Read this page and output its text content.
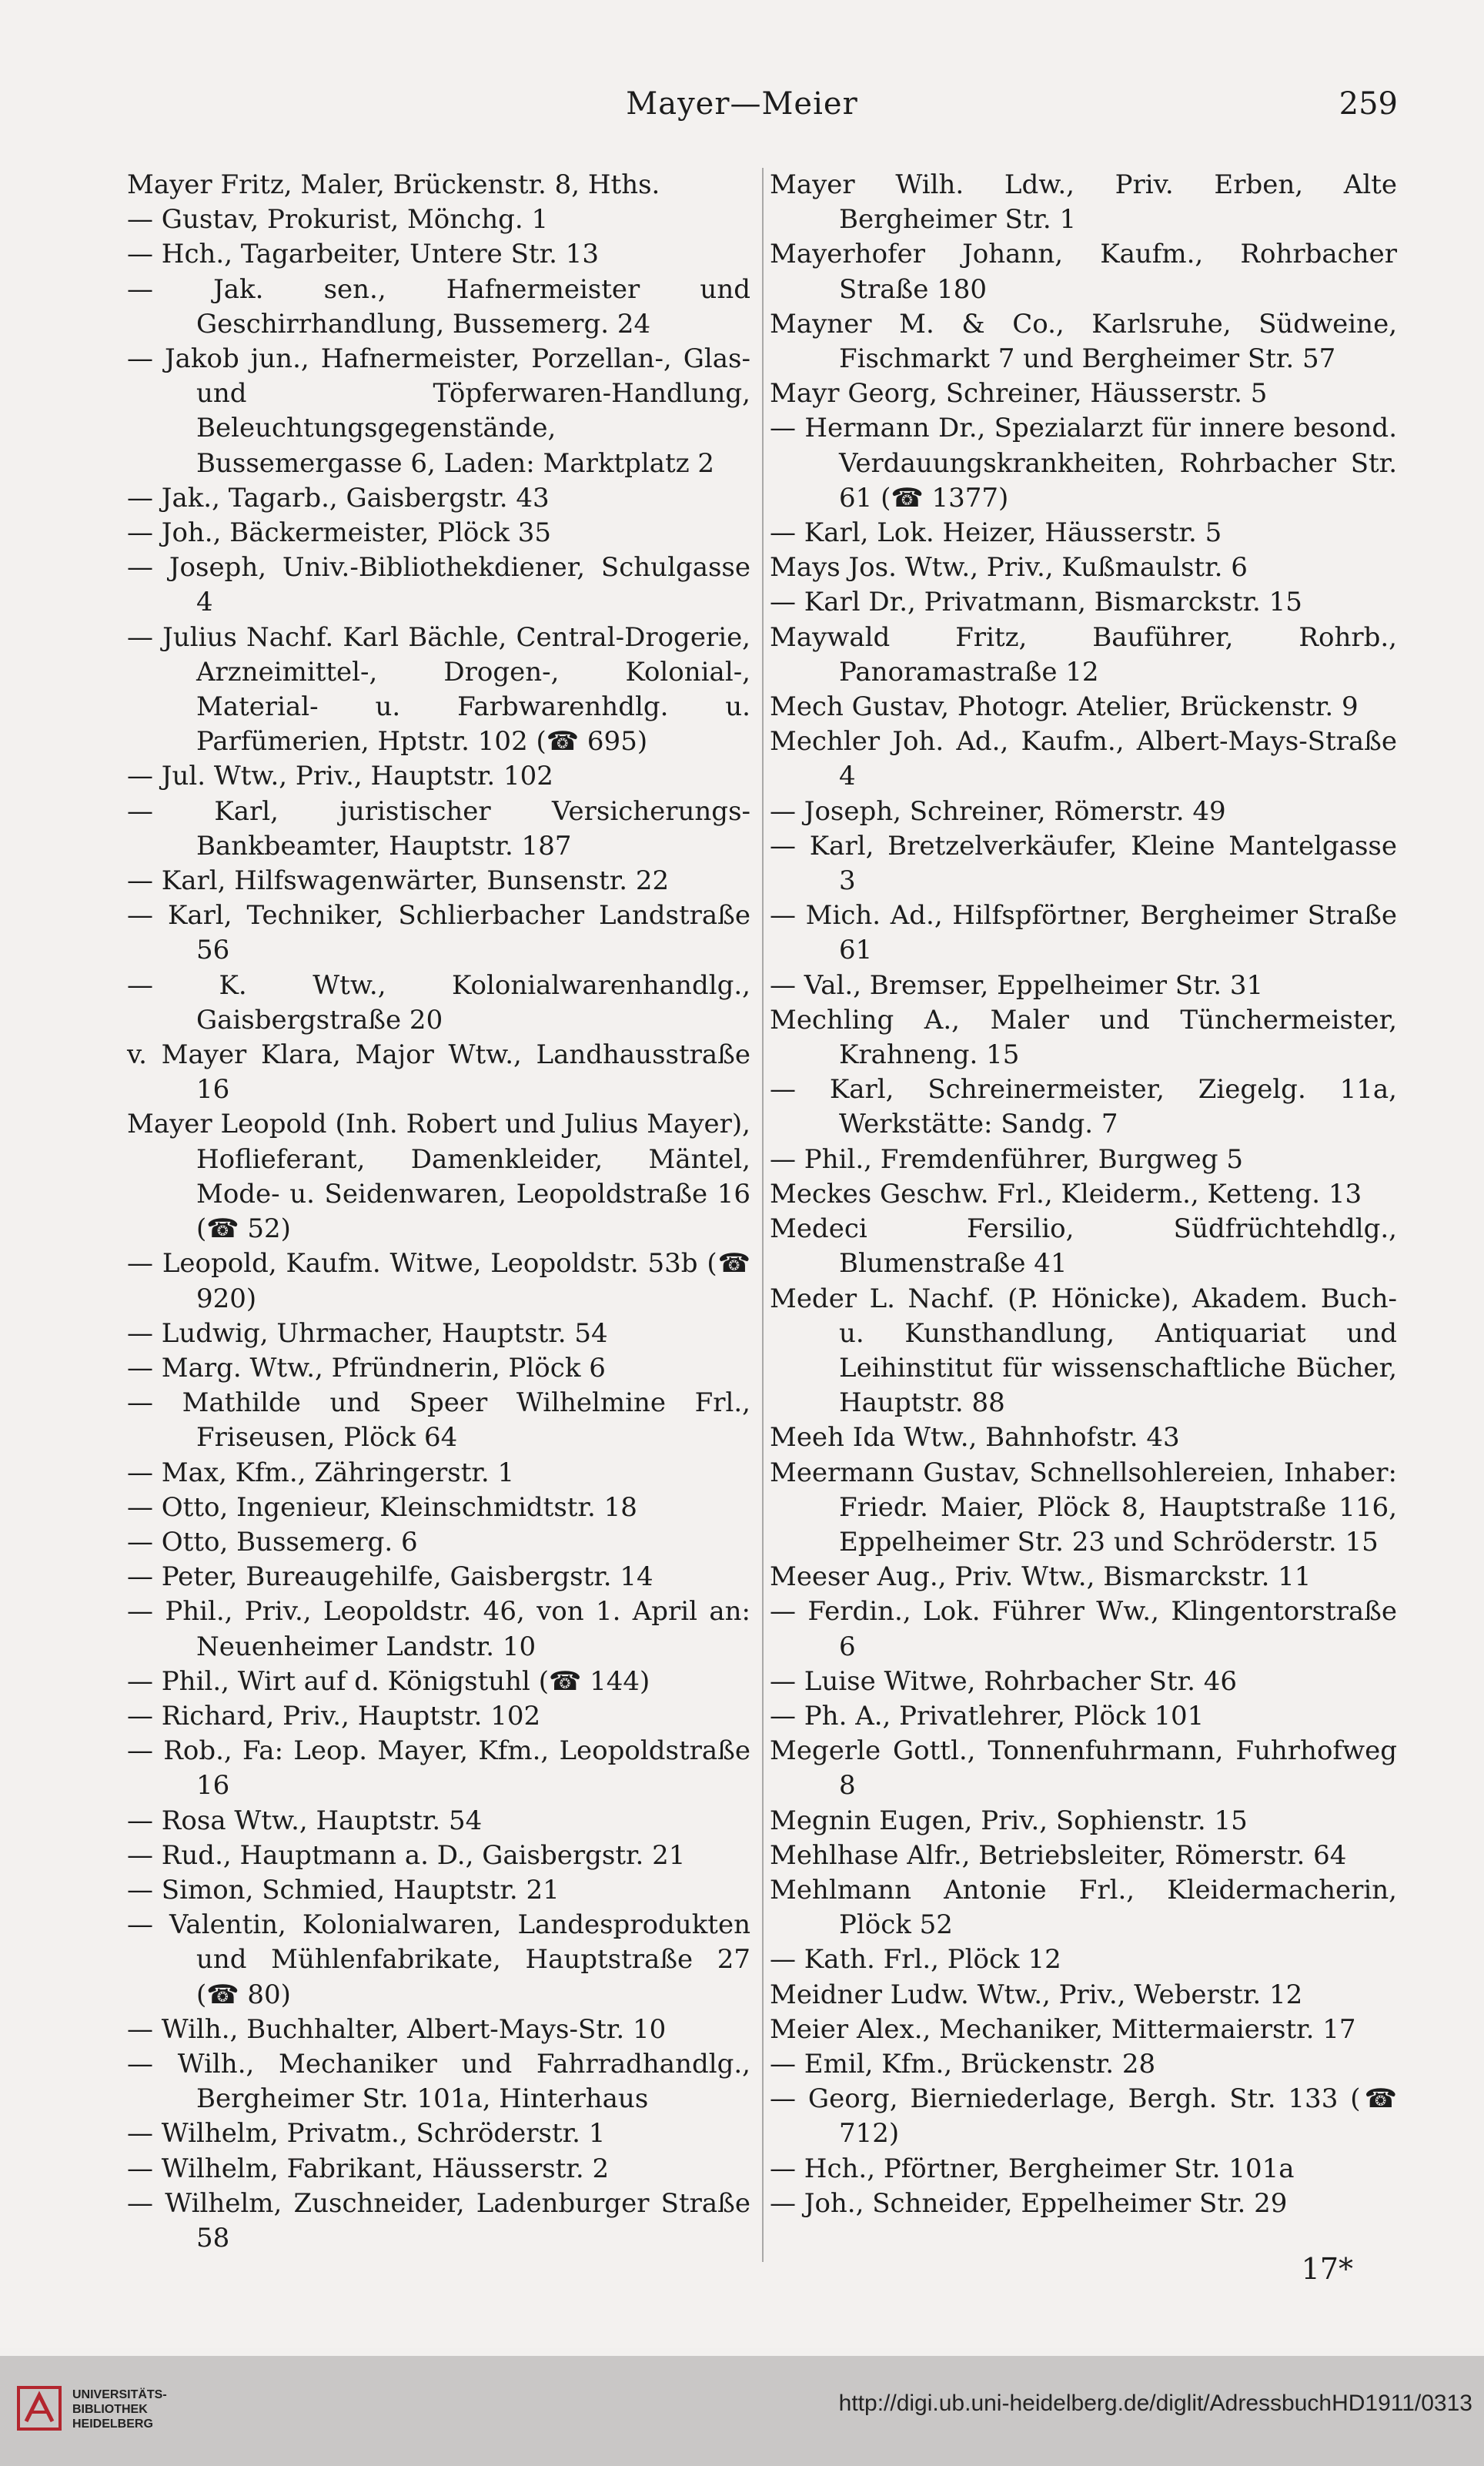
Mayer—Meier	259
Mayer Fritz, Maler, Brückenstr. 8, Hths.
— Gustav, Prokurist, Mönchg. 1
— Hch., Tagarbeiter, Untere Str. 13
— Jak. sen., Hafnermeister und Geschirrhandlung, Bussemerg. 24
— Jakob jun., Hafnermeister, Porzellan-, Glas- und Töpferwaren-Handlung, Beleuchtungsgegenstände, Bussemergasse 6, Laden: Marktplatz 2
— Jak., Tagarb., Gaisbergstr. 43
— Joh., Bäckermeister, Plöck 35
— Joseph, Univ.-Bibliothekdiener, Schulgasse 4
— Julius Nachf. Karl Bächle, Central-Drogerie, Arzneimittel-, Drogen-, Kolonial-, Material- u. Farbwarenhdlg. u. Parfümerien, Hptstr. 102 (☎ 695)
— Jul. Wtw., Priv., Hauptstr. 102
— Karl, juristischer Versicherungs-Bankbeamter, Hauptstr. 187
— Karl, Hilfswagenwärter, Bunsenstr. 22
— Karl, Techniker, Schlierbacher Landstraße 56
— K. Wtw., Kolonialwarenhandlg., Gaisbergstraße 20
v. Mayer Klara, Major Wtw., Landhausstraße 16
Mayer Leopold (Inh. Robert und Julius Mayer), Hoflieferant, Damenkleider, Mäntel, Mode- u. Seidenwaren, Leopoldstraße 16 (☎ 52)
— Leopold, Kaufm. Witwe, Leopoldstr. 53b (☎ 920)
— Ludwig, Uhrmacher, Hauptstr. 54
— Marg. Wtw., Pfründnerin, Plöck 6
— Mathilde und Speer Wilhelmine Frl., Friseusen, Plöck 64
— Max, Kfm., Zähringerstr. 1
— Otto, Ingenieur, Kleinschmidtstr. 18
— Otto, Bussemerg. 6
— Peter, Bureaugehilfe, Gaisbergstr. 14
— Phil., Priv., Leopoldstr. 46, von 1. April an: Neuenheimer Landstr. 10
— Phil., Wirt auf d. Königstuhl (☎ 144)
— Richard, Priv., Hauptstr. 102
— Rob., Fa: Leop. Mayer, Kfm., Leopoldstraße 16
— Rosa Wtw., Hauptstr. 54
— Rud., Hauptmann a. D., Gaisbergstr. 21
— Simon, Schmied, Hauptstr. 21
— Valentin, Kolonialwaren, Landesprodukten und Mühlenfabrikate, Hauptstraße 27 (☎ 80)
— Wilh., Buchhalter, Albert-Mays-Str. 10
— Wilh., Mechaniker und Fahrradhandlg., Bergheimer Str. 101a, Hinterhaus
— Wilhelm, Privatm., Schröderstr. 1
— Wilhelm, Fabrikant, Häusserstr. 2
— Wilhelm, Zuschneider, Ladenburger Straße 58
Mayer Wilh. Ldw., Priv. Erben, Alte Bergheimer Str. 1
Mayerhofer Johann, Kaufm., Rohrbacher Straße 180
Mayner M. & Co., Karlsruhe, Südweine, Fischmarkt 7 und Bergheimer Str. 57
Mayr Georg, Schreiner, Häusserstr. 5
— Hermann Dr., Spezialarzt für innere besond. Verdauungskrankheiten, Rohrbacher Str. 61 (☎ 1377)
— Karl, Lok. Heizer, Häusserstr. 5
Mays Jos. Wtw., Priv., Kußmaulstr. 6
— Karl Dr., Privatmann, Bismarckstr. 15
Maywald Fritz, Bauführer, Rohrb., Panoramastraße 12
Mech Gustav, Photogr. Atelier, Brückenstr. 9
Mechler Joh. Ad., Kaufm., Albert-Mays-Straße 4
— Joseph, Schreiner, Römerstr. 49
— Karl, Bretzelverkäufer, Kleine Mantelgasse 3
— Mich. Ad., Hilfspförtner, Bergheimer Straße 61
— Val., Bremser, Eppelheimer Str. 31
Mechling A., Maler und Tünchermeister, Krahneng. 15
— Karl, Schreinermeister, Ziegelg. 11a, Werkstätte: Sandg. 7
— Phil., Fremdenführer, Burgweg 5
Meckes Geschw. Frl., Kleiderm., Ketteng. 13
Medeci Fersilio, Südfrüchtehdlg., Blumenstraße 41
Meder L. Nachf. (P. Hönicke), Akadem. Buch- u. Kunsthandlung, Antiquariat und Leihinstitut für wissenschaftliche Bücher, Hauptstr. 88
Meeh Ida Wtw., Bahnhofstr. 43
Meermann Gustav, Schnellsohlereien, Inhaber: Friedr. Maier, Plöck 8, Hauptstraße 116, Eppelheimer Str. 23 und Schröderstr. 15
Meeser Aug., Priv. Wtw., Bismarckstr. 11
— Ferdin., Lok. Führer Ww., Klingentorstraße 6
— Luise Witwe, Rohrbacher Str. 46
— Ph. A., Privatlehrer, Plöck 101
Megerle Gottl., Tonnenfuhrmann, Fuhrhofweg 8
Megnin Eugen, Priv., Sophienstr. 15
Mehlhase Alfr., Betriebsleiter, Römerstr. 64
Mehlmann Antonie Frl., Kleidermacherin, Plöck 52
— Kath. Frl., Plöck 12
Meidner Ludw. Wtw., Priv., Weberstr. 12
Meier Alex., Mechaniker, Mittermaierstr. 17
— Emil, Kfm., Brückenstr. 28
— Georg, Bierniederlage, Bergh. Str. 133 (☎ 712)
— Hch., Pförtner, Bergheimer Str. 101a
— Joh., Schneider, Eppelheimer Str. 29
17*
UNIVERSITÄTS-
BIBLIOTHEK
HEIDELBERG
http://digi.ub.uni-heidelberg.de/diglit/AdressbuchHD1911/0313
